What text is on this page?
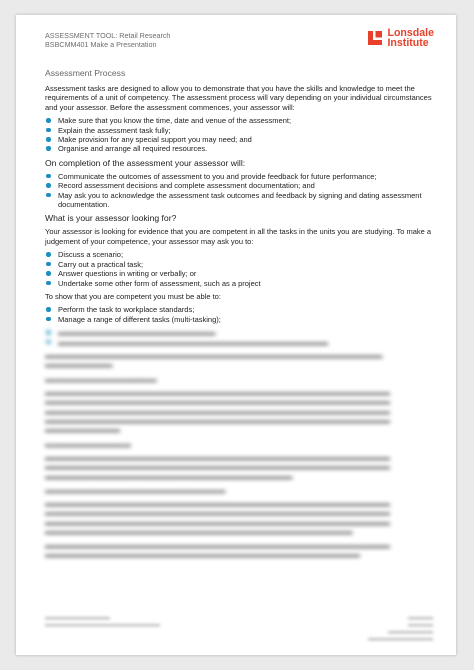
ASSESSMENT TOOL: Retail Research
BSBCMM401 Make a Presentation
Lonsdale
Institute
Assessment Process

Assessment tasks are designed to allow you to demonstrate that you have the skills and knowledge to meet the requirements of a unit of competency. The assessment process will vary depending on your individual circumstances and your assessor. Before the assessment commences, your assessor will:

Make sure that you know the time, date and venue of the assessment;
Explain the assessment task fully;
Make provision for any special support you may need; and
Organise and arrange all required resources.
On completion of the assessment your assessor will:
Communicate the outcomes of assessment to you and provide feedback for future performance;
Record assessment decisions and complete assessment documentation; and
May ask you to acknowledge the assessment task outcomes and feedback by signing and dating assessment documentation.
What is your assessor looking for?

Your assessor is looking for evidence that you are competent in all the tasks in the units you are studying. To make a judgement of your competence, your assessor may ask you to:

Discuss a scenario;
Carry out a practical task;
Answer questions in writing or verbally; or
Undertake some other form of assessment, such as a project

To show that you are competent you must be able to:

Perform the task to workplace standards;
Manage a range of different tasks (multi-tasking);
▬▬▬▬▬▬▬▬▬▬▬▬▬▬▬▬▬▬▬▬▬
▬▬▬▬▬▬▬▬▬▬▬▬▬▬▬▬▬▬▬▬▬▬▬▬▬▬▬▬▬▬▬▬▬▬▬▬

▬▬▬▬▬▬▬▬▬▬▬▬▬▬▬▬▬▬▬▬▬▬▬▬▬▬▬▬▬▬▬▬▬▬▬▬▬▬▬▬▬▬▬▬▬
▬▬▬▬▬▬▬▬▬

▬▬▬▬▬▬▬▬▬▬▬▬▬

▬▬▬▬▬▬▬▬▬▬▬▬▬▬▬▬▬▬▬▬▬▬▬▬▬▬▬▬▬▬▬▬▬▬▬▬▬▬▬▬▬▬▬▬▬▬
▬▬▬▬▬▬▬▬▬▬▬▬▬▬▬▬▬▬▬▬▬▬▬▬▬▬▬▬▬▬▬▬▬▬▬▬▬▬▬▬▬▬▬▬▬▬
▬▬▬▬▬▬▬▬▬▬▬▬▬▬▬▬▬▬▬▬▬▬▬▬▬▬▬▬▬▬▬▬▬▬▬▬▬▬▬▬▬▬▬▬▬▬
▬▬▬▬▬▬▬▬▬▬▬▬▬▬▬▬▬▬▬▬▬▬▬▬▬▬▬▬▬▬▬▬▬▬▬▬▬▬▬▬▬▬▬▬▬▬
▬▬▬▬▬▬▬▬▬▬

▬▬▬▬▬▬▬▬▬▬

▬▬▬▬▬▬▬▬▬▬▬▬▬▬▬▬▬▬▬▬▬▬▬▬▬▬▬▬▬▬▬▬▬▬▬▬▬▬▬▬▬▬▬▬▬▬
▬▬▬▬▬▬▬▬▬▬▬▬▬▬▬▬▬▬▬▬▬▬▬▬▬▬▬▬▬▬▬▬▬▬▬▬▬▬▬▬▬▬▬▬▬▬
▬▬▬▬▬▬▬▬▬▬▬▬▬▬▬▬▬▬▬▬▬▬▬▬▬▬▬▬▬▬▬▬▬

▬▬▬▬▬▬▬▬▬▬▬▬▬▬▬▬▬▬▬▬▬

▬▬▬▬▬▬▬▬▬▬▬▬▬▬▬▬▬▬▬▬▬▬▬▬▬▬▬▬▬▬▬▬▬▬▬▬▬▬▬▬▬▬▬▬▬▬
▬▬▬▬▬▬▬▬▬▬▬▬▬▬▬▬▬▬▬▬▬▬▬▬▬▬▬▬▬▬▬▬▬▬▬▬▬▬▬▬▬▬▬▬▬▬
▬▬▬▬▬▬▬▬▬▬▬▬▬▬▬▬▬▬▬▬▬▬▬▬▬▬▬▬▬▬▬▬▬▬▬▬▬▬▬▬▬▬▬▬▬▬
▬▬▬▬▬▬▬▬▬▬▬▬▬▬▬▬▬▬▬▬▬▬▬▬▬▬▬▬▬▬▬▬▬▬▬▬▬▬▬▬▬

▬▬▬▬▬▬▬▬▬▬▬▬▬▬▬▬▬▬▬▬▬▬▬▬▬▬▬▬▬▬▬▬▬▬▬▬▬▬▬▬▬▬▬▬▬▬
▬▬▬▬▬▬▬▬▬▬▬▬▬▬▬▬▬▬▬▬▬▬▬▬▬▬▬▬▬▬▬▬▬▬▬▬▬▬▬▬▬▬

▬▬▬▬▬▬▬▬▬▬▬▬▬
▬▬▬▬▬▬▬▬▬▬▬▬▬▬▬▬▬▬▬▬▬▬▬
▬▬▬▬▬
▬▬▬▬▬
▬▬▬▬▬▬▬▬▬
▬▬▬▬▬▬▬▬▬▬▬▬▬
